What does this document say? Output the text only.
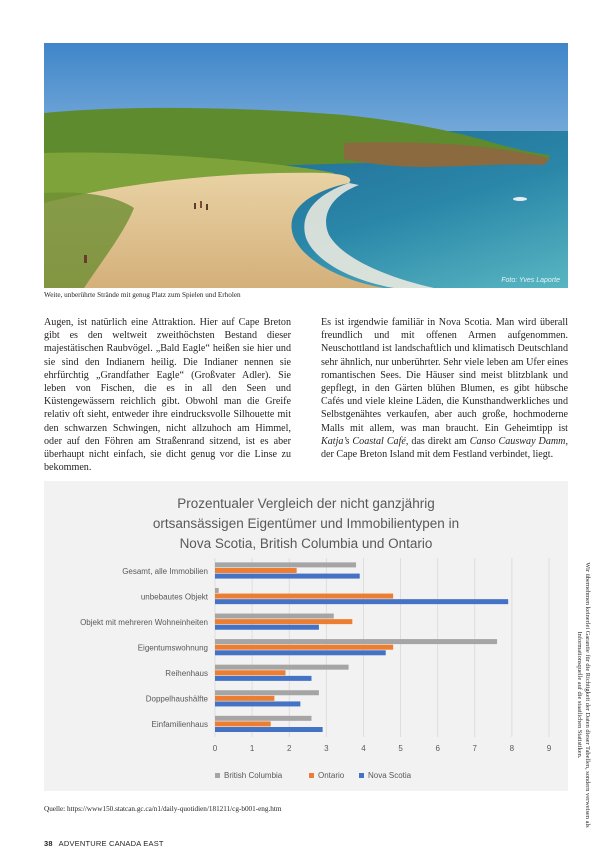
Foto: Yves Laporte
Weite, unberührte Strände mit genug Platz zum Spielen und Erholen

Augen, ist natürlich eine Attraktion. Hier auf Cape Breton gibt es den weltweit zweithöchsten Bestand dieser majestätischen Raubvögel. „Bald Eagle“ heißen sie hier und sie sind den Indianern heilig. Die Indianer nennen sie ehrfürchtig „Grandfather Eagle“ (Großvater Adler). Sie leben von Fischen, die es in all den Seen und Küstengewässern reichlich gibt. Obwohl man die Greife relativ oft sieht, entweder ihre eindrucksvolle Silhouette mit den schwarzen Schwingen, nicht allzuhoch am Himmel, oder auf den Föhren am Straßenrand sitzend, ist es aber überhaupt nicht einfach, sie dicht genug vor die Linse zu bekommen.

Es ist irgendwie familiär in Nova Scotia. Man wird überall freundlich und mit offenen Armen aufgenommen. Neuschottland ist landschaftlich und klimatisch Deutschland sehr ähnlich, nur unberührter. Sehr viele leben am Ufer eines romantischen Sees. Die Häuser sind meist blitzblank und gepflegt, in den Gärten blühen Blumen, es gibt hübsche Cafés und viele kleine Läden, die Kunsthandwerkliches und Selbstgenähtes verkaufen, aber auch große, hochmoderne Malls mit allem, was man braucht. Ein Geheimtipp ist Katja’s Coastal Café, das direkt am Canso Causway Damm, der Cape Breton Island mit dem Festland verbindet, liegt.

Prozentualer Vergleich der nicht ganzjährig
ortsansässigen Eigentümer und Immobilientypen in
Nova Scotia, British Columbia und Ontario
0	1	2	3	4	5	6	7	8	9
Gesamt, alle Immobilien
unbebautes Objekt
Objekt mit mehreren Wohneinheiten
Eigentumswohnung
Reihenhaus
Doppelhaushälfte
Einfamilienhaus
British Columbia	Ontario	Nova Scotia	Wir übernehmen keinerlei Garantie für die Richtigkeit der Daten dieser Tabellen, sondern verweisen als Informationsquelle auf die staatlichen Statistiken.
Quelle: https://www150.statcan.gc.ca/n1/daily-quotidien/181211/cg-b001-eng.htm
38 ADVENTURE CANADA EAST
